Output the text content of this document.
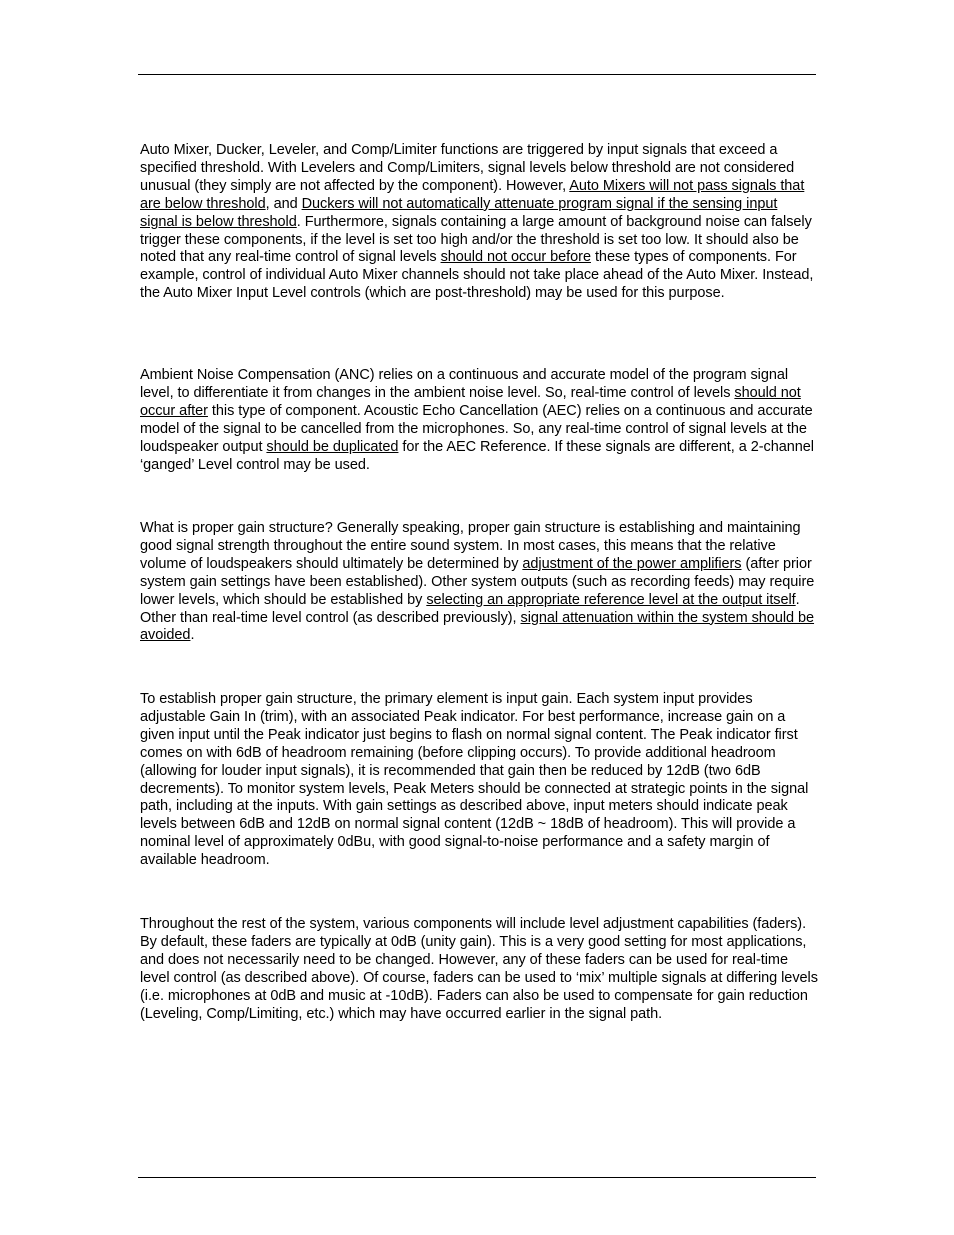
Auto Mixer, Ducker, Leveler, and Comp/Limiter functions are triggered by input signals that exceed a specified threshold. With Levelers and Comp/Limiters, signal levels below threshold are not considered unusual (they simply are not affected by the component). However, Auto Mixers will not pass signals that are below threshold, and Duckers will not automatically attenuate program signal if the sensing input signal is below threshold. Furthermore, signals containing a large amount of background noise can falsely trigger these components, if the level is set too high and/or the threshold is set too low. It should also be noted that any real-time control of signal levels should not occur before these types of components. For example, control of individual Auto Mixer channels should not take place ahead of the Auto Mixer. Instead, the Auto Mixer Input Level controls (which are post-threshold) may be used for this purpose.

Ambient Noise Compensation (ANC) relies on a continuous and accurate model of the program signal level, to differentiate it from changes in the ambient noise level. So, real-time control of levels should not occur after this type of component. Acoustic Echo Cancellation (AEC) relies on a continuous and accurate model of the signal to be cancelled from the microphones. So, any real-time control of signal levels at the loudspeaker output should be duplicated for the AEC Reference. If these signals are different, a 2-channel ‘ganged’ Level control may be used.

What is proper gain structure? Generally speaking, proper gain structure is establishing and maintaining good signal strength throughout the entire sound system. In most cases, this means that the relative volume of loudspeakers should ultimately be determined by adjustment of the power amplifiers (after prior system gain settings have been established). Other system outputs (such as recording feeds) may require lower levels, which should be established by selecting an appropriate reference level at the output itself. Other than real-time level control (as described previously), signal attenuation within the system should be avoided.

To establish proper gain structure, the primary element is input gain. Each system input provides adjustable Gain In (trim), with an associated Peak indicator. For best performance, increase gain on a given input until the Peak indicator just begins to flash on normal signal content. The Peak indicator first comes on with 6dB of headroom remaining (before clipping occurs). To provide additional headroom (allowing for louder input signals), it is recommended that gain then be reduced by 12dB (two 6dB decrements). To monitor system levels, Peak Meters should be connected at strategic points in the signal path, including at the inputs. With gain settings as described above, input meters should indicate peak levels between 6dB and 12dB on normal signal content (12dB ~ 18dB of headroom). This will provide a nominal level of approximately 0dBu, with good signal-to-noise performance and a safety margin of available headroom.

Throughout the rest of the system, various components will include level adjustment capabilities (faders). By default, these faders are typically at 0dB (unity gain). This is a very good setting for most applications, and does not necessarily need to be changed. However, any of these faders can be used for real-time level control (as described above). Of course, faders can be used to ‘mix’ multiple signals at differing levels (i.e. microphones at 0dB and music at -10dB). Faders can also be used to compensate for gain reduction (Leveling, Comp/Limiting, etc.) which may have occurred earlier in the signal path.
